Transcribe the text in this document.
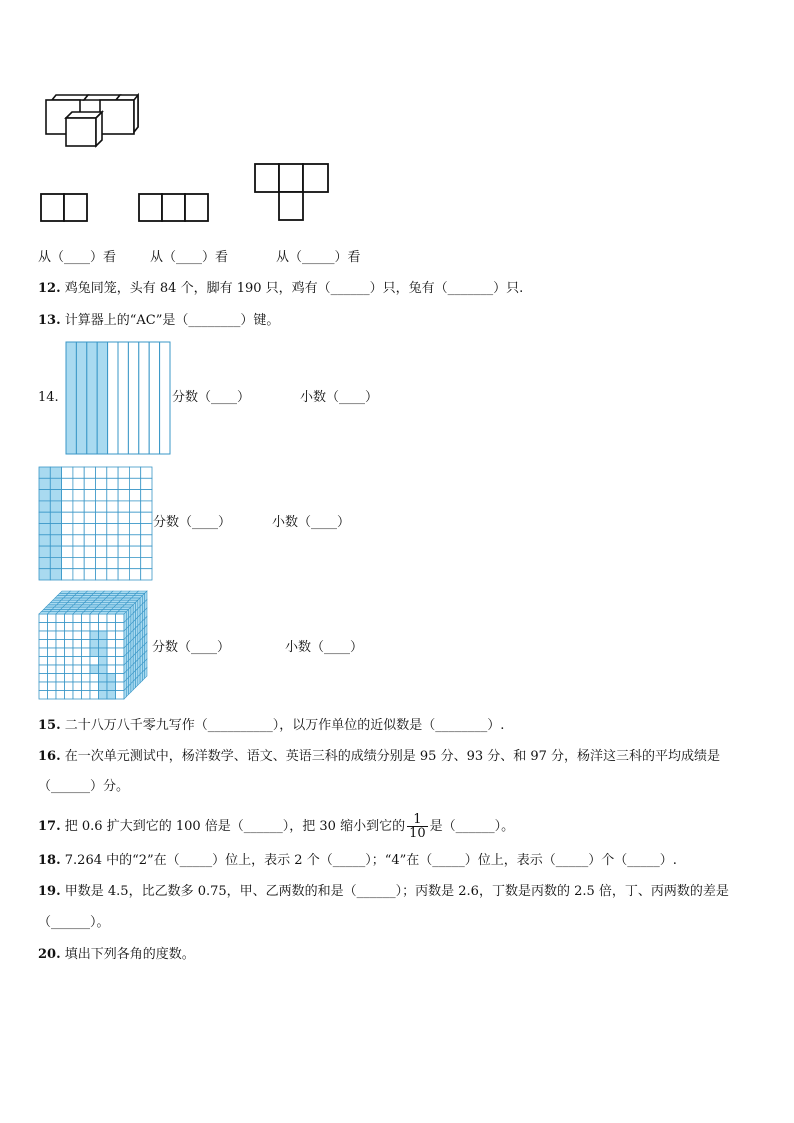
从（____）看	从（____）看	从（_____）看
12. 鸡兔同笼，头有 84 个，脚有 190 只，鸡有（______）只，兔有（_______）只.
13. 计算器上的“AC”是（________）键。
14.	分数（____）	小数（____）
分数（____）	小数（____）
分数（____）	小数（____）
15. 二十八万八千零九写作（__________），以万作单位的近似数是（________）.
16. 在一次单元测试中，杨洋数学、语文、英语三科的成绩分别是 95 分、93 分、和 97 分，杨洋这三科的平均成绩是
（______）分。
17. 把 0.6 扩大到它的 100 倍是（______），把 30 缩小到它的 $\frac{1}{10}$ 是（______）。
18. 7.264 中的“2”在（_____）位上，表示 2 个（_____）；“4”在（_____）位上，表示（_____）个（_____）.
19. 甲数是 4.5，比乙数多 0.75，甲、乙两数的和是（______）；丙数是 2.6，丁数是丙数的 2.5 倍，丁、丙两数的差是
（______）。
20. 填出下列各角的度数。
